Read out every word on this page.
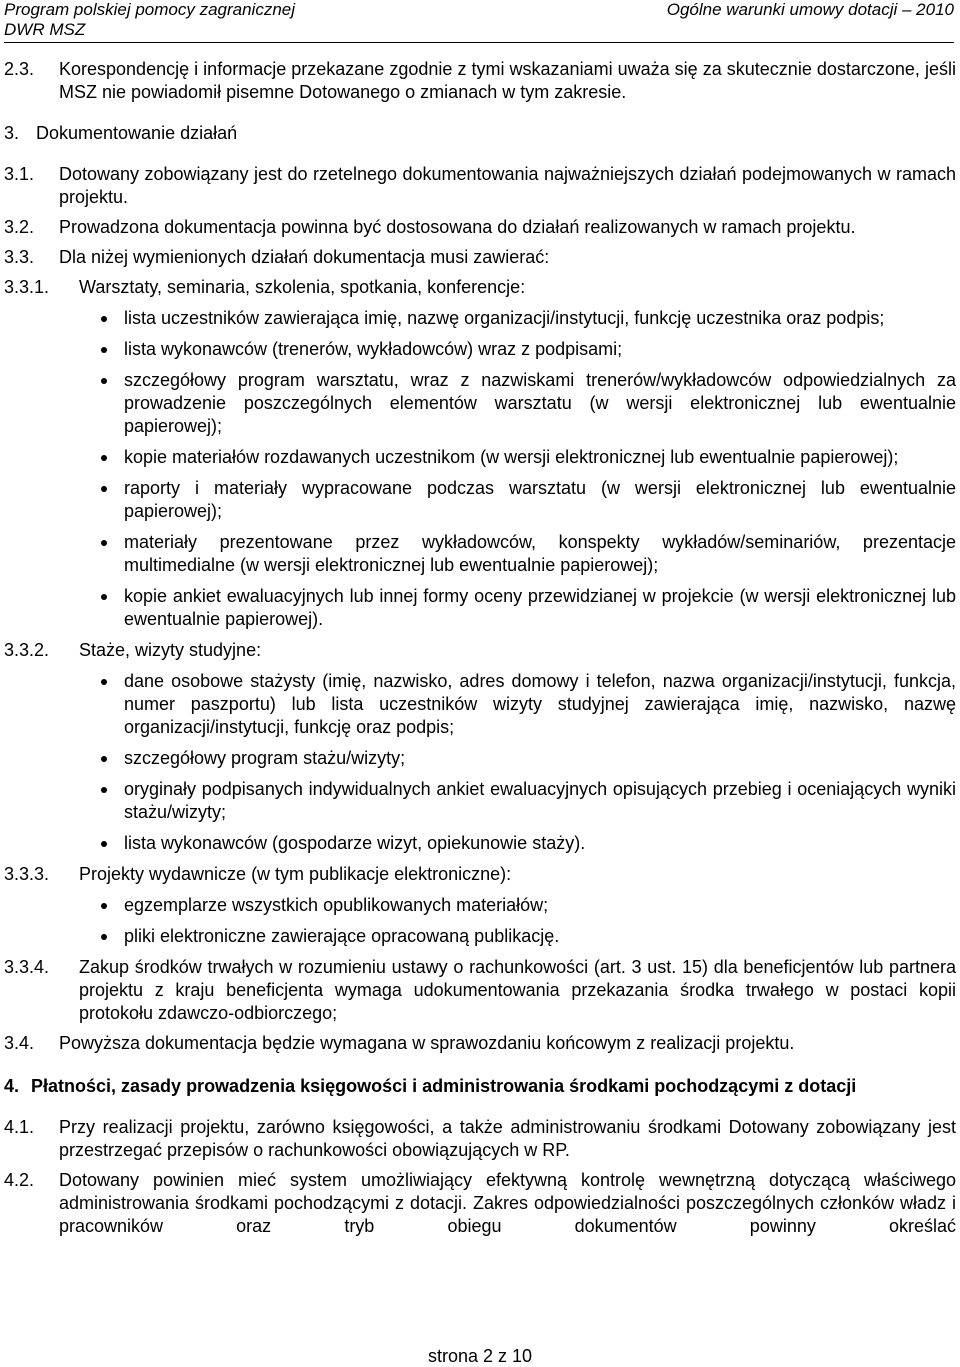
Program polskiej pomocy zagranicznej
DWR MSZ
Ogólne warunki umowy dotacji – 2010
2.3.	Korespondencję i informacje przekazane zgodnie z tymi wskazaniami uważa się za skutecznie dostarczone, jeśli MSZ nie powiadomił pisemne Dotowanego o zmianach w tym zakresie.
3. Dokumentowanie działań
3.1.	Dotowany zobowiązany jest do rzetelnego dokumentowania najważniejszych działań podejmowanych w ramach projektu.
3.2.	Prowadzona dokumentacja powinna być dostosowana do działań realizowanych w ramach projektu.
3.3.	Dla niżej wymienionych działań dokumentacja musi zawierać:
3.3.1.	Warsztaty, seminaria, szkolenia, spotkania, konferencje:
lista uczestników zawierająca imię, nazwę organizacji/instytucji, funkcję uczestnika oraz podpis;
lista wykonawców (trenerów, wykładowców) wraz z podpisami;
szczegółowy program warsztatu, wraz z nazwiskami trenerów/wykładowców odpowiedzialnych za prowadzenie poszczególnych elementów warsztatu (w wersji elektronicznej lub ewentualnie papierowej);
kopie materiałów rozdawanych uczestnikom (w wersji elektronicznej lub ewentualnie papierowej);
raporty i materiały wypracowane podczas warsztatu (w wersji elektronicznej lub ewentualnie papierowej);
materiały prezentowane przez wykładowców, konspekty wykładów/seminariów, prezentacje multimedialne (w wersji elektronicznej lub ewentualnie papierowej);
kopie ankiet ewaluacyjnych lub innej formy oceny przewidzianej w projekcie (w wersji elektronicznej lub ewentualnie papierowej).
3.3.2.	Staże, wizyty studyjne:
dane osobowe stażysty (imię, nazwisko, adres domowy i telefon, nazwa organizacji/instytucji, funkcja, numer paszportu) lub lista uczestników wizyty studyjnej zawierająca imię, nazwisko, nazwę organizacji/instytucji, funkcję oraz podpis;
szczegółowy program stażu/wizyty;
oryginały podpisanych indywidualnych ankiet ewaluacyjnych opisujących przebieg i oceniających wyniki stażu/wizyty;
lista wykonawców (gospodarze wizyt, opiekunowie staży).
3.3.3.	Projekty wydawnicze (w tym publikacje elektroniczne):
egzemplarze wszystkich opublikowanych materiałów;
pliki elektroniczne zawierające opracowaną publikację.
3.3.4.	Zakup środków trwałych w rozumieniu ustawy o rachunkowości (art. 3 ust. 15) dla beneficjentów lub partnera projektu z kraju beneficjenta wymaga udokumentowania przekazania środka trwałego w postaci kopii protokołu zdawczo-odbiorczego;
3.4.	Powyższa dokumentacja będzie wymagana w sprawozdaniu końcowym z realizacji projektu.
4. Płatności, zasady prowadzenia księgowości i administrowania środkami pochodzącymi z dotacji
4.1.	Przy realizacji projektu, zarówno księgowości, a także administrowaniu środkami Dotowany zobowiązany jest przestrzegać przepisów o rachunkowości obowiązujących w RP.
4.2.	Dotowany powinien mieć system umożliwiający efektywną kontrolę wewnętrzną dotyczącą właściwego administrowania środkami pochodzącymi z dotacji. Zakres odpowiedzialności poszczególnych członków władz i pracowników oraz tryb obiegu dokumentów powinny określać
strona 2 z 10
